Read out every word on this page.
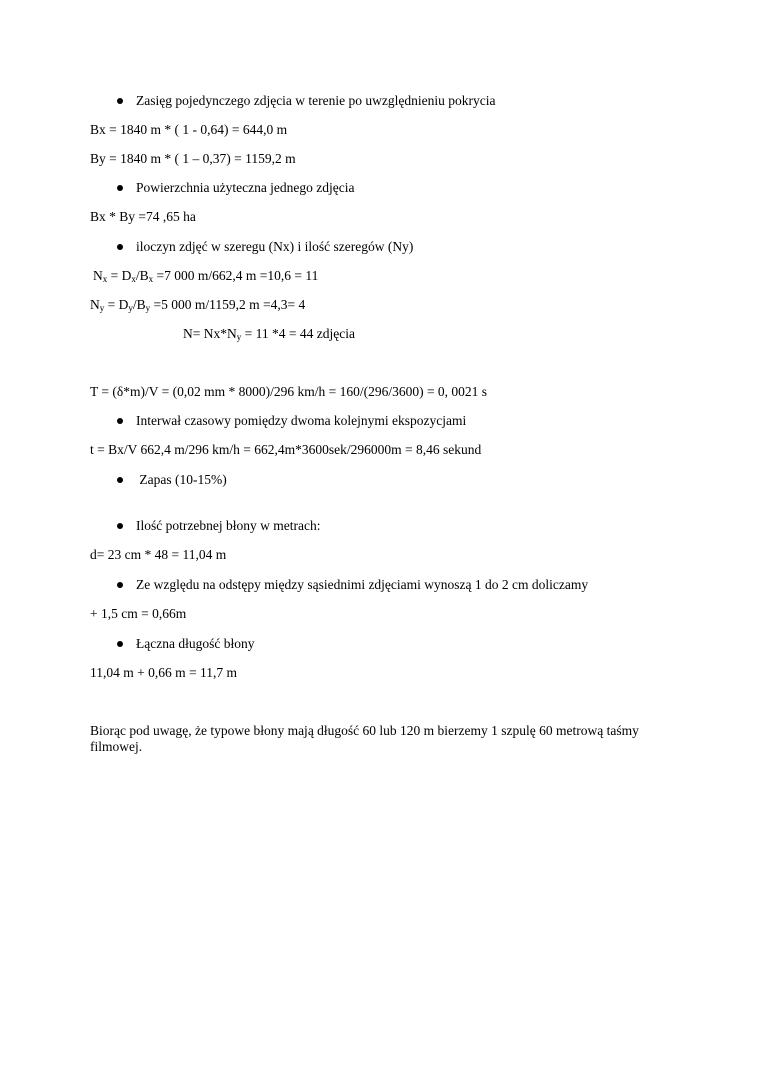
Zasięg pojedynczego zdjęcia w terenie po uwzględnieniu pokrycia
Bx = 1840 m * ( 1 - 0,64) = 644,0 m
By = 1840 m * ( 1 – 0,37) = 1159,2 m
Powierzchnia użyteczna jednego zdjęcia
Bx * By =74 ,65 ha
iloczyn zdjęć w szeregu (Nx) i ilość szeregów (Ny)
$N_x = D_x/B_x =7$ 000 m/662,4 m =10,6 = 11
$N_y = D_y/B_y =5$ 000 m/1159,2 m =4,3= 4
$N= Nx*N_y = 11$ *4 = 44 zdjęcia
T = (δ*m)/V = (0,02 mm * 8000)/296 km/h = 160/(296/3600) = 0, 0021 s
Interwał czasowy pomiędzy dwoma kolejnymi ekspozycjami
t = Bx/V 662,4 m/296 km/h = 662,4m*3600sek/296000m = 8,46 sekund
Zapas (10-15%)
Ilość potrzebnej błony w metrach:
d= 23 cm * 48 = 11,04 m
Ze względu na odstępy między sąsiednimi zdjęciami wynoszą 1 do 2 cm doliczamy
+ 1,5 cm = 0,66m
Łączna długość błony
11,04 m + 0,66 m = 11,7 m
Biorąc pod uwagę, że typowe błony mają długość 60 lub 120 m bierzemy 1 szpulę 60 metrową taśmy filmowej.
